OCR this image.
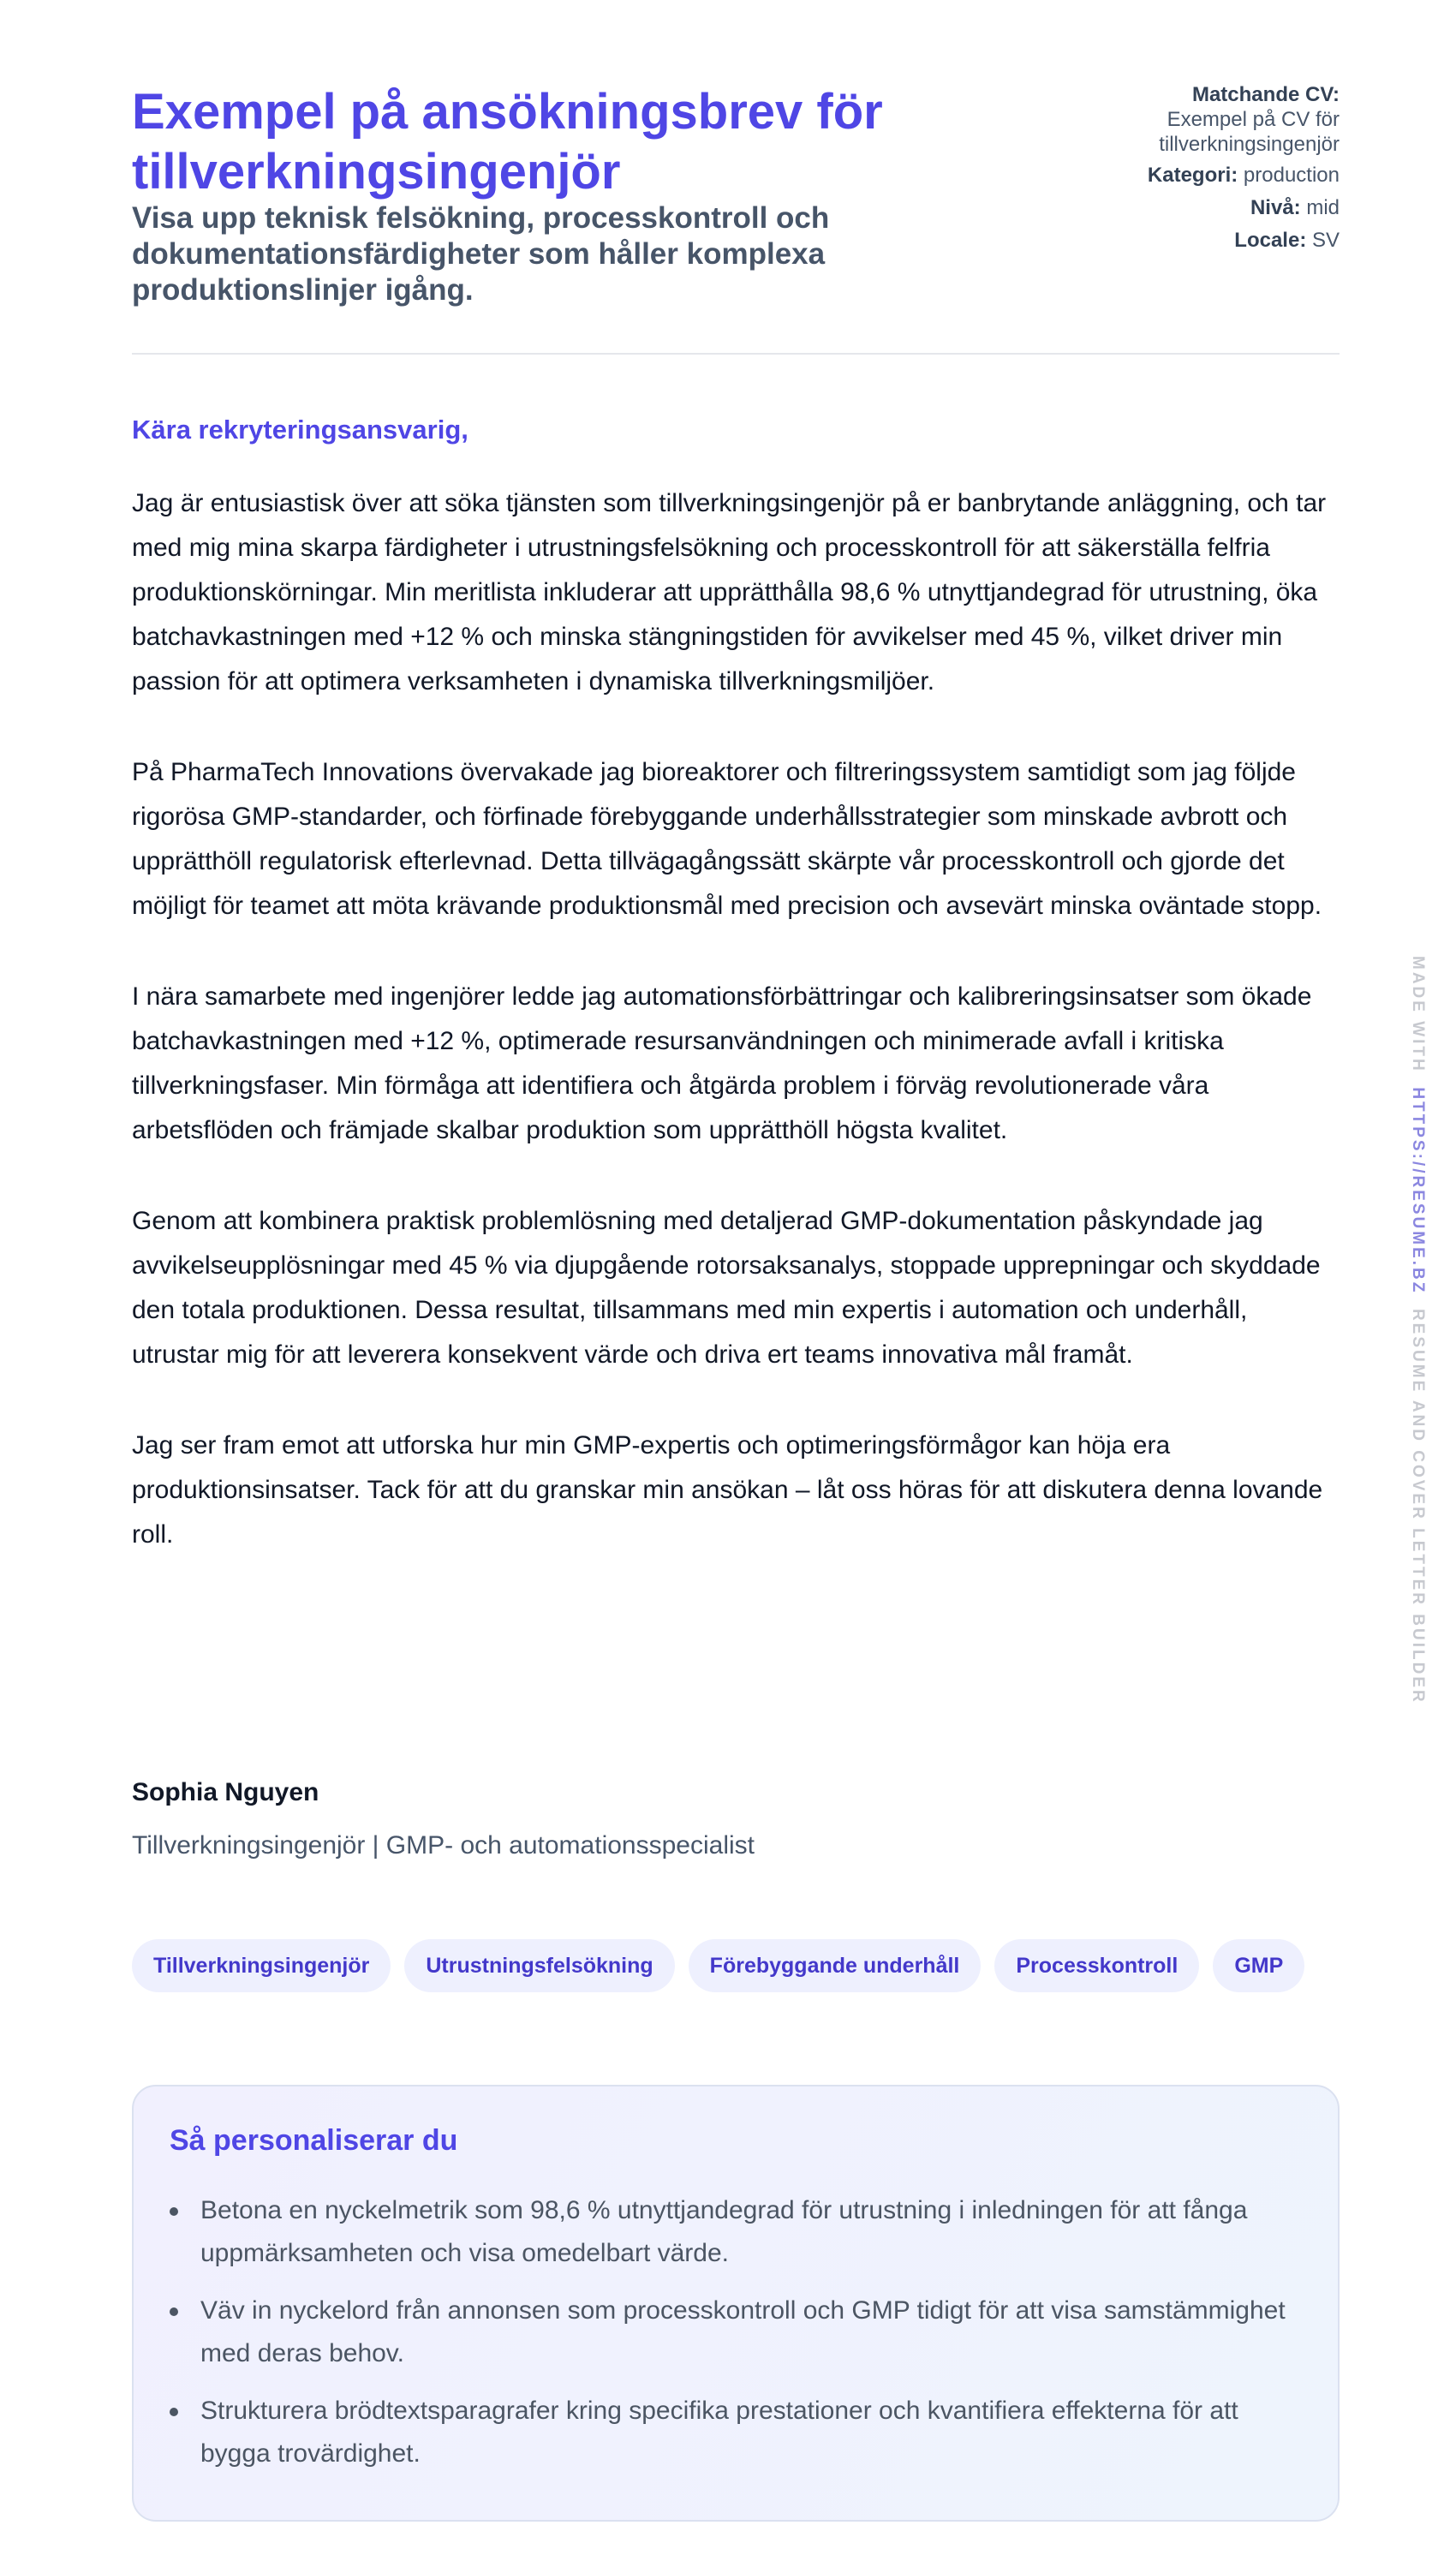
Exempel på ansökningsbrev för tillverkningsingenjör
Visa upp teknisk felsökning, processkontroll och dokumentationsfärdigheter som håller komplexa produktionslinjer igång.

Matchande CV: Exempel på CV för tillverkningsingenjör

Kategori: production

Nivå: mid

Locale: SV

Kära rekryteringsansvarig,

Jag är entusiastisk över att söka tjänsten som tillverkningsingenjör på er banbrytande anläggning, och tar med mig mina skarpa färdigheter i utrustningsfelsökning och processkontroll för att säkerställa felfria produktionskörningar. Min meritlista inkluderar att upprätthålla 98,6 % utnyttjandegrad för utrustning, öka batchavkastningen med +12 % och minska stängningstiden för avvikelser med 45 %, vilket driver min passion för att optimera verksamheten i dynamiska tillverkningsmiljöer.

På PharmaTech Innovations övervakade jag bioreaktorer och filtreringssystem samtidigt som jag följde rigorösa GMP-standarder, och förfinade förebyggande underhållsstrategier som minskade avbrott och upprätthöll regulatorisk efterlevnad. Detta tillvägagångssätt skärpte vår processkontroll och gjorde det möjligt för teamet att möta krävande produktionsmål med precision och avsevärt minska oväntade stopp.

I nära samarbete med ingenjörer ledde jag automationsförbättringar och kalibreringsinsatser som ökade batchavkastningen med +12 %, optimerade resursanvändningen och minimerade avfall i kritiska tillverkningsfaser. Min förmåga att identifiera och åtgärda problem i förväg revolutionerade våra arbetsflöden och främjade skalbar produktion som upprätthöll högsta kvalitet.

Genom att kombinera praktisk problemlösning med detaljerad GMP-dokumentation påskyndade jag avvikelseupplösningar med 45 % via djupgående rotorsaksanalys, stoppade upprepningar och skyddade den totala produktionen. Dessa resultat, tillsammans med min expertis i automation och underhåll, utrustar mig för att leverera konsekvent värde och driva ert teams innovativa mål framåt.

Jag ser fram emot att utforska hur min GMP-expertis och optimeringsförmågor kan höja era produktionsinsatser. Tack för att du granskar min ansökan – låt oss höras för att diskutera denna lovande roll.

Sophia Nguyen
Tillverkningsingenjör | GMP- och automationsspecialist
Tillverkningsingenjör	Utrustningsfelsökning	Förebyggande underhåll	Processkontroll	GMP
Så personaliserar du
Betona en nyckelmetrik som 98,6 % utnyttjandegrad för utrustning i inledningen för att fånga uppmärksamheten och visa omedelbart värde.
Väv in nyckelord från annonsen som processkontroll och GMP tidigt för att visa samstämmighet med deras behov.
Strukturera brödtextsparagrafer kring specifika prestationer och kvantifiera effekterna för att bygga trovärdighet.
MADE WITH  HTTPS://RESUME.BZ  RESUME AND COVER LETTER BUILDER
